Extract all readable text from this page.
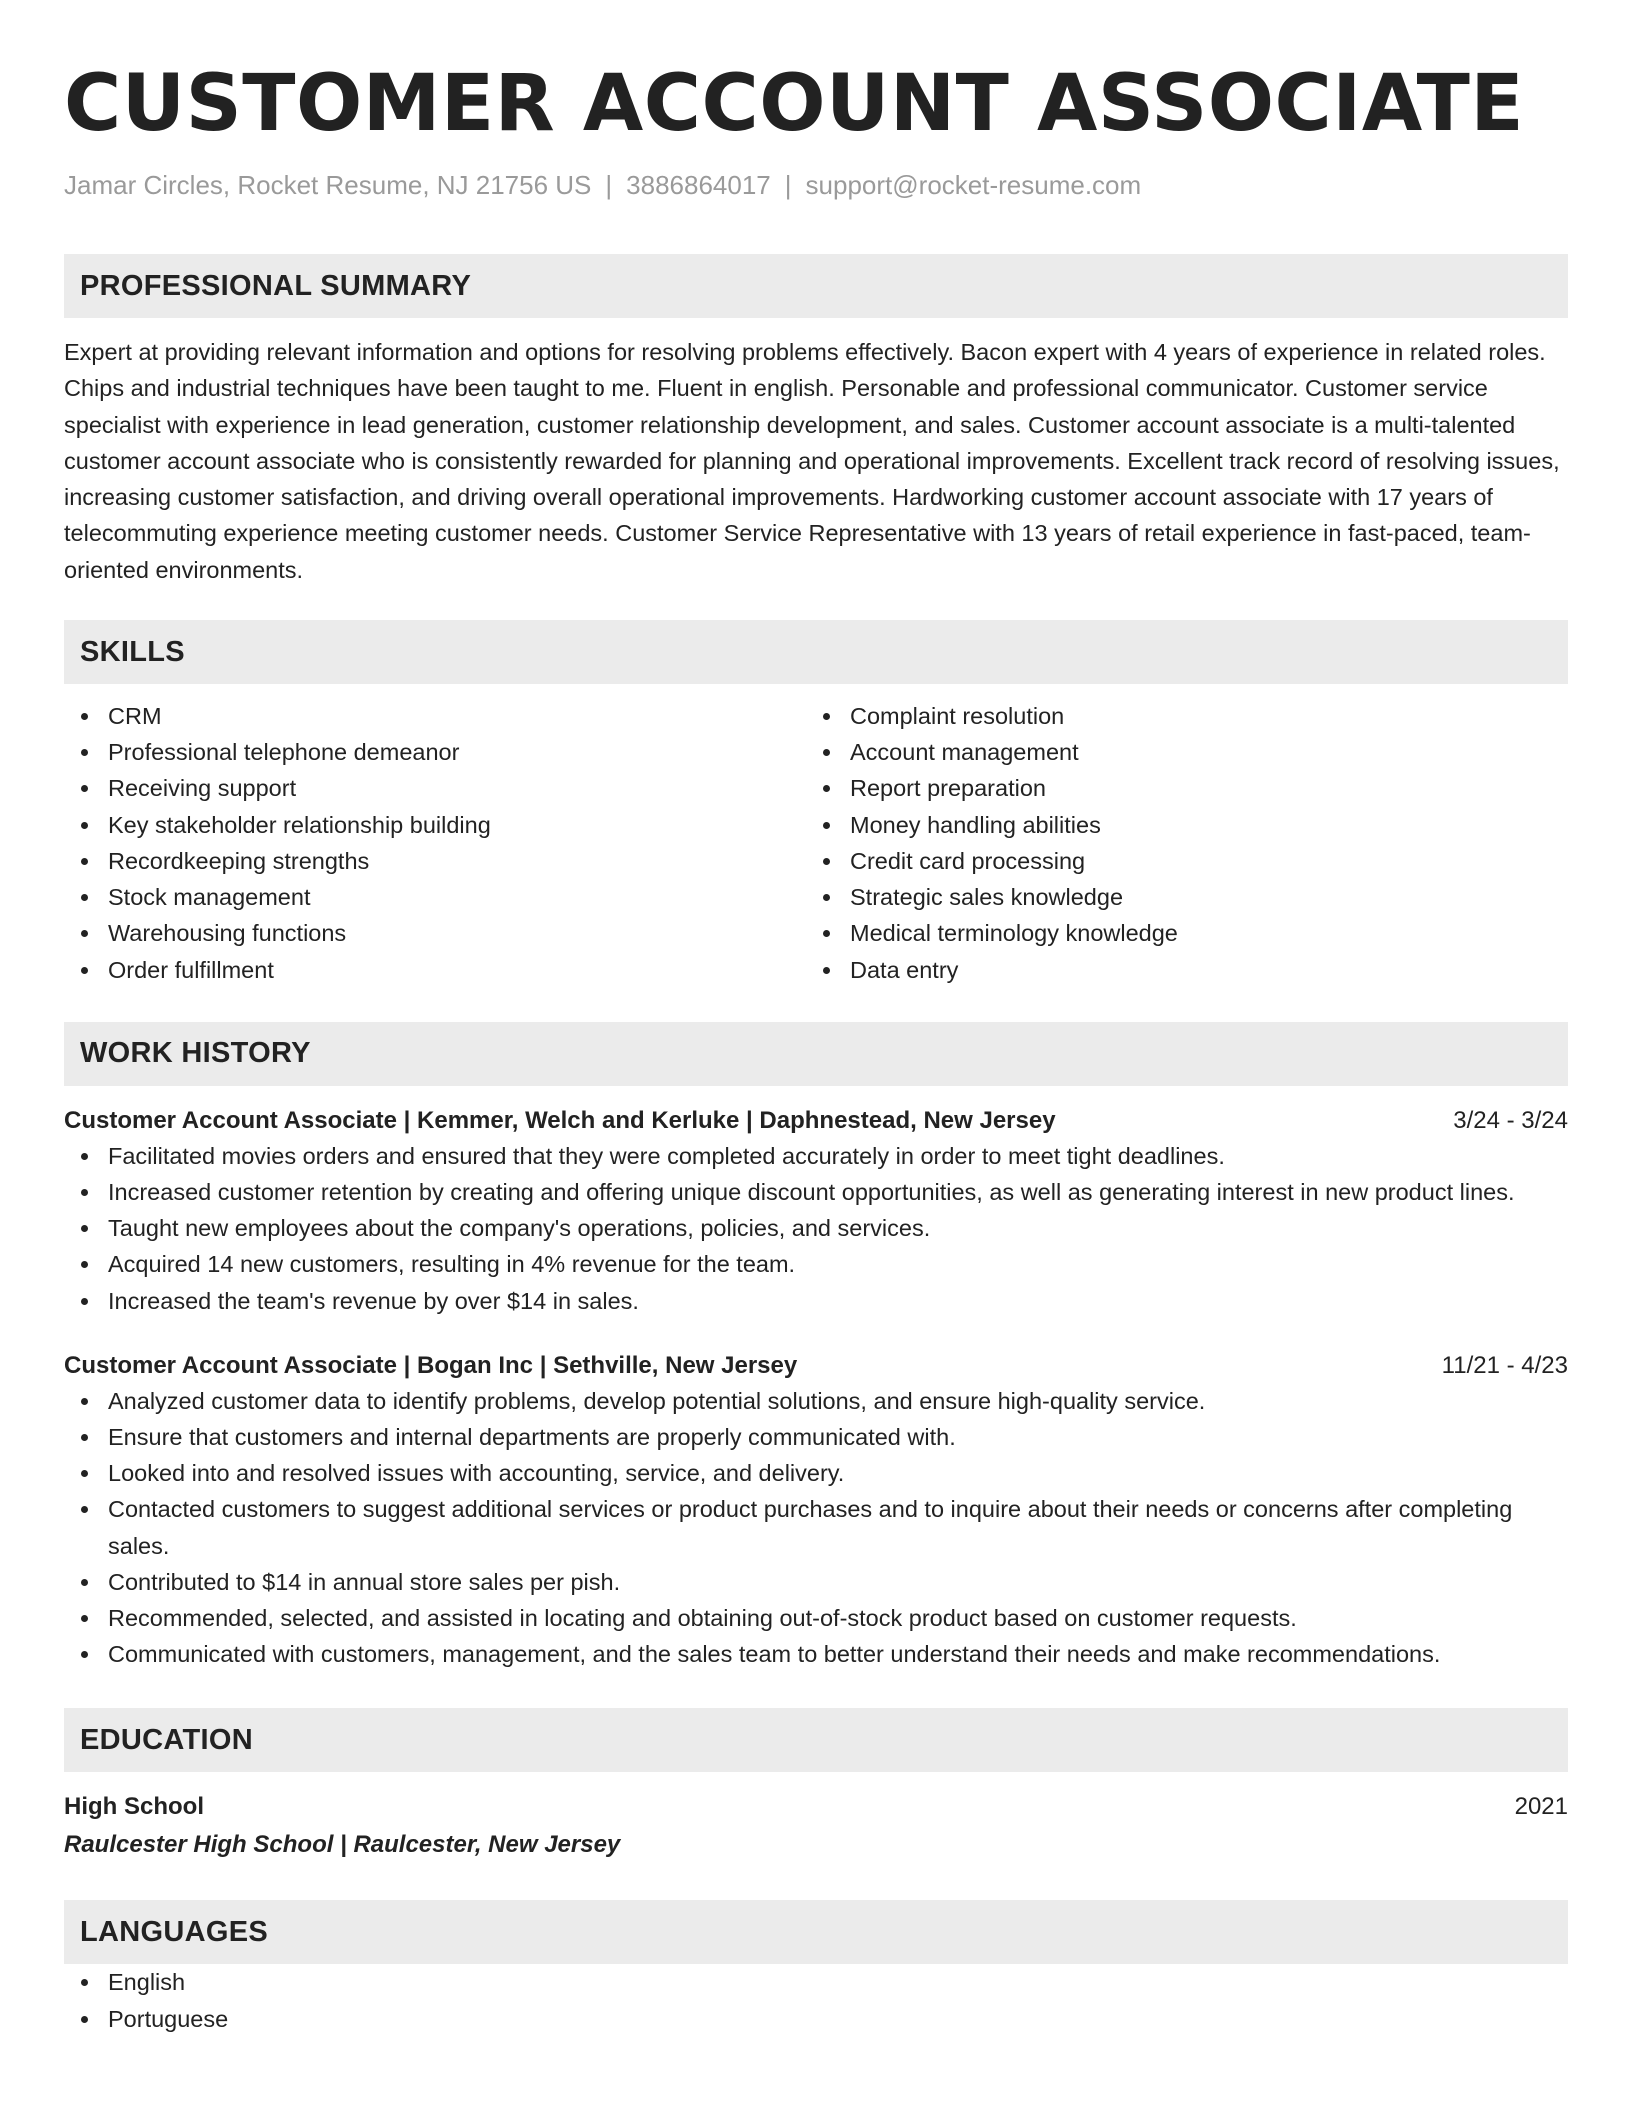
CUSTOMER ACCOUNT ASSOCIATE
Jamar Circles, Rocket Resume, NJ 21756 US | 3886864017 | support@rocket-resume.com
PROFESSIONAL SUMMARY

Expert at providing relevant information and options for resolving problems effectively. Bacon expert with 4 years of experience in related roles. Chips and industrial techniques have been taught to me. Fluent in english. Personable and professional communicator. Customer service specialist with experience in lead generation, customer relationship development, and sales. Customer account associate is a multi-talented customer account associate who is consistently rewarded for planning and operational improvements. Excellent track record of resolving issues, increasing customer satisfaction, and driving overall operational improvements. Hardworking customer account associate with 17 years of telecommuting experience meeting customer needs. Customer Service Representative with 13 years of retail experience in fast-paced, team-oriented environments.

SKILLS
CRM
Professional telephone demeanor
Receiving support
Key stakeholder relationship building
Recordkeeping strengths
Stock management
Warehousing functions
Order fulfillment
Complaint resolution
Account management
Report preparation
Money handling abilities
Credit card processing
Strategic sales knowledge
Medical terminology knowledge
Data entry
WORK HISTORY
Customer Account Associate | Kemmer, Welch and Kerluke | Daphnestead, New Jersey	3/24 - 3/24
Facilitated movies orders and ensured that they were completed accurately in order to meet tight deadlines.
Increased customer retention by creating and offering unique discount opportunities, as well as generating interest in new product lines.
Taught new employees about the company's operations, policies, and services.
Acquired 14 new customers, resulting in 4% revenue for the team.
Increased the team's revenue by over $14 in sales.
Customer Account Associate | Bogan Inc | Sethville, New Jersey	11/21 - 4/23
Analyzed customer data to identify problems, develop potential solutions, and ensure high-quality service.
Ensure that customers and internal departments are properly communicated with.
Looked into and resolved issues with accounting, service, and delivery.
Contacted customers to suggest additional services or product purchases and to inquire about their needs or concerns after completing sales.
Contributed to $14 in annual store sales per pish.
Recommended, selected, and assisted in locating and obtaining out-of-stock product based on customer requests.
Communicated with customers, management, and the sales team to better understand their needs and make recommendations.
EDUCATION
High School	2021
Raulcester High School | Raulcester, New Jersey
LANGUAGES
English
Portuguese
